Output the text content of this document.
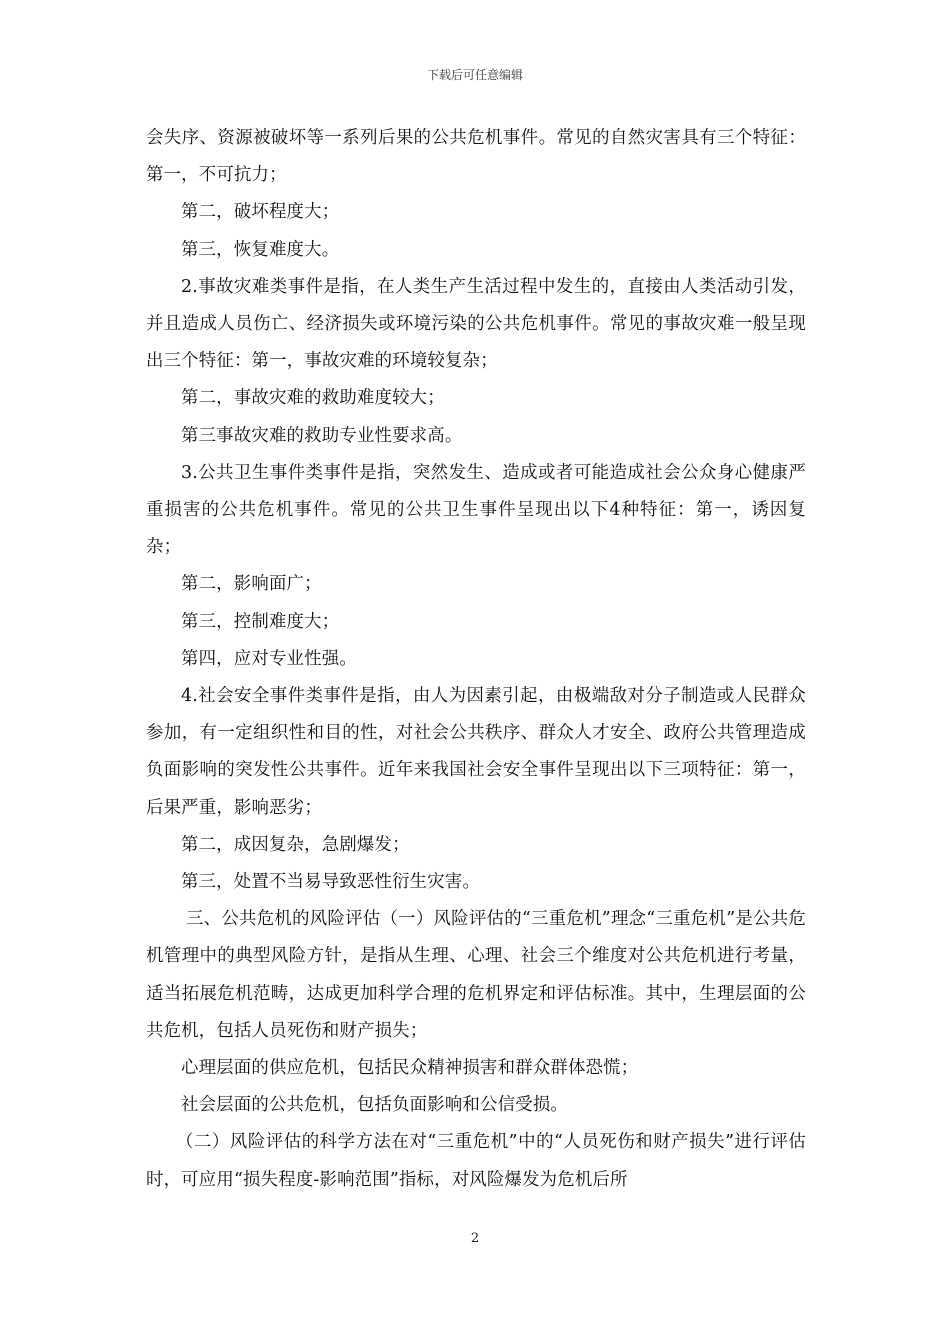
下载后可任意编辑

会失序、资源被破坏等一系列后果的公共危机事件。常见的自然灾害具有三个特征：第一，不可抗力；

第二，破坏程度大；

第三，恢复难度大。

2.事故灾难类事件是指，在人类生产生活过程中发生的，直接由人类活动引发，并且造成人员伤亡、经济损失或环境污染的公共危机事件。常见的事故灾难一般呈现出三个特征：第一，事故灾难的环境较复杂；

第二，事故灾难的救助难度较大；

第三事故灾难的救助专业性要求高。

3.公共卫生事件类事件是指，突然发生、造成或者可能造成社会公众身心健康严重损害的公共危机事件。常见的公共卫生事件呈现出以下4种特征：第一，诱因复杂；

第二，影响面广；

第三，控制难度大；

第四，应对专业性强。

4.社会安全事件类事件是指，由人为因素引起，由极端敌对分子制造或人民群众参加，有一定组织性和目的性，对社会公共秩序、群众人才安全、政府公共管理造成负面影响的突发性公共事件。近年来我国社会安全事件呈现出以下三项特征：第一，后果严重，影响恶劣；

第二，成因复杂，急剧爆发；

第三，处置不当易导致恶性衍生灾害。

三、公共危机的风险评估（一）风险评估的“三重危机”理念“三重危机”是公共危机管理中的典型风险方针，是指从生理、心理、社会三个维度对公共危机进行考量，适当拓展危机范畴，达成更加科学合理的危机界定和评估标准。其中，生理层面的公共危机，包括人员死伤和财产损失；

心理层面的供应危机，包括民众精神损害和群众群体恐慌；

社会层面的公共危机，包括负面影响和公信受损。

（二）风险评估的科学方法在对“三重危机”中的“人员死伤和财产损失”进行评估时，可应用“损失程度-影响范围”指标，对风险爆发为危机后所

2
